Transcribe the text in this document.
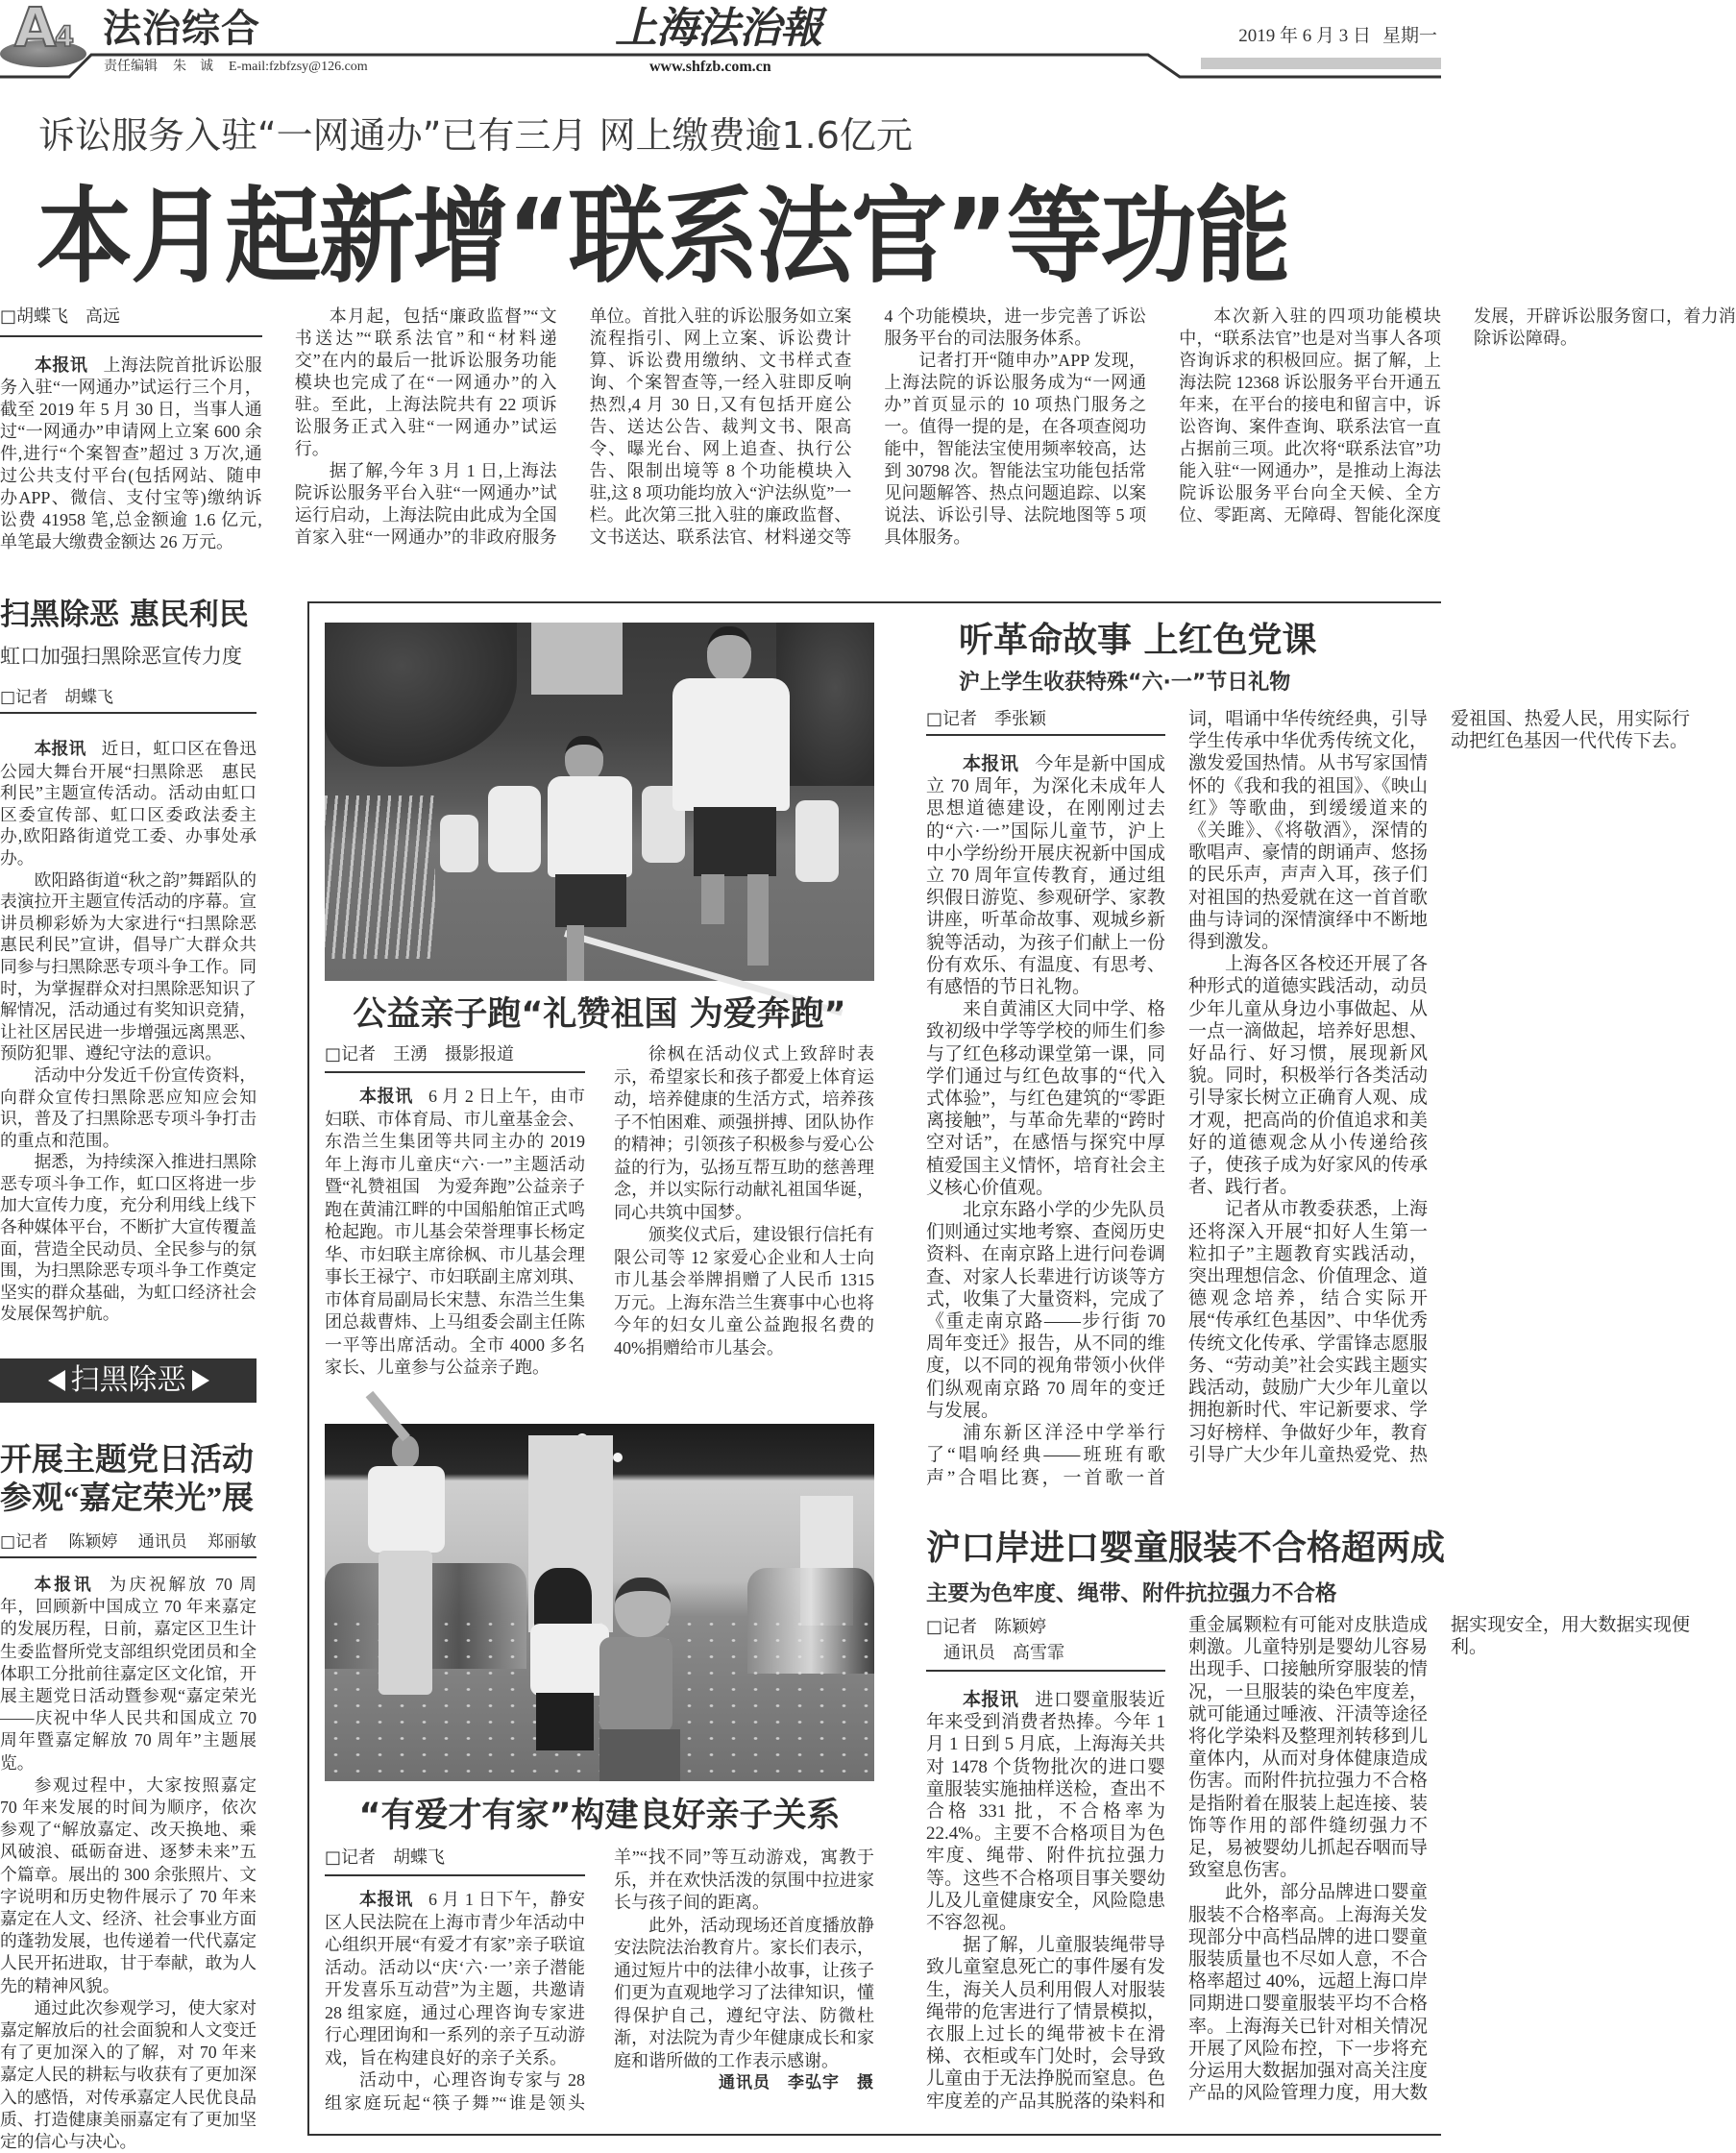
A
4 法治综合
责任编辑 朱　诚 E-mail:fzbfzsy@126.com
上海法治報
www.shfzb.com.cn
2019 年 6 月 3 日 星期一
诉讼服务入驻“一网通办”已有三月 网上缴费逾1.6亿元
本月起新增“联系法官”等功能
□胡蝶飞　高远

本报讯 上海法院首批诉讼服务入驻“一网通办”试运行三个月，截至 2019 年 5 月 30 日，当事人通过“一网通办”申请网上立案 600 余件,进行“个案智查”超过 3 万次,通过公共支付平台(包括网站、随申办APP、微信、支付宝等)缴纳诉讼费 41958 笔,总金额逾 1.6 亿元,单笔最大缴费金额达 26 万元。

本月起，包括“廉政监督”“文书送达”“联系法官”和“材料递交”在内的最后一批诉讼服务功能模块也完成了在“一网通办”的入驻。至此，上海法院共有 22 项诉讼服务正式入驻“一网通办”试运行。

据了解,今年 3 月 1 日,上海法院诉讼服务平台入驻“一网通办”试运行启动，上海法院由此成为全国首家入驻“一网通办”的非政府服务单位。首批入驻的诉讼服务如立案流程指引、网上立案、诉讼费计算、诉讼费用缴纳、文书样式查询、个案智查等,一经入驻即反响热烈,4 月 30 日,又有包括开庭公告、送达公告、裁判文书、限高令、曝光台、网上追查、执行公告、限制出境等 8 个功能模块入驻,这 8 项功能均放入“沪法纵览”一栏。此次第三批入驻的廉政监督、文书送达、联系法官、材料递交等 4 个功能模块，进一步完善了诉讼服务平台的司法服务体系。

记者打开“随申办”APP 发现，上海法院的诉讼服务成为“一网通办”首页显示的 10 项热门服务之一。值得一提的是，在各项查阅功能中，智能法宝使用频率较高，达到 30798 次。智能法宝功能包括常见问题解答、热点问题追踪、以案说法、诉讼引导、法院地图等 5 项具体服务。

本次新入驻的四项功能模块中，“联系法官”也是对当事人各项咨询诉求的积极回应。据了解，上海法院 12368 诉讼服务平台开通五年来，在平台的接电和留言中，诉讼咨询、案件查询、联系法官一直占据前三项。此次将“联系法官”功能入驻“一网通办”，是推动上海法院诉讼服务平台向全天候、全方位、零距离、无障碍、智能化深度发展，开辟诉讼服务窗口，着力消除诉讼障碍。

扫黑除恶 惠民利民
虹口加强扫黑除恶宣传力度
□记者　胡蝶飞

本报讯 近日，虹口区在鲁迅公园大舞台开展“扫黑除恶　惠民利民”主题宣传活动。活动由虹口区委宣传部、虹口区委政法委主办,欧阳路街道党工委、办事处承办。

欧阳路街道“秋之韵”舞蹈队的表演拉开主题宣传活动的序幕。宣讲员柳彩娇为大家进行“扫黑除恶　惠民利民”宣讲，倡导广大群众共同参与扫黑除恶专项斗争工作。同时，为掌握群众对扫黑除恶知识了解情况，活动通过有奖知识竞猜，让社区居民进一步增强远离黑恶、预防犯罪、遵纪守法的意识。

活动中分发近千份宣传资料，向群众宣传扫黑除恶应知应会知识，普及了扫黑除恶专项斗争打击的重点和范围。

据悉，为持续深入推进扫黑除恶专项斗争工作，虹口区将进一步加大宣传力度，充分利用线上线下各种媒体平台，不断扩大宣传覆盖面，营造全民动员、全民参与的氛围，为扫黑除恶专项斗争工作奠定坚实的群众基础，为虹口经济社会发展保驾护航。

扫黑除恶
开展主题党日活动
参观“嘉定荣光”展
□记者 陈颖婷 通讯员 郑丽敏

本报讯 为庆祝解放 70 周年，回顾新中国成立 70 年来嘉定的发展历程，日前，嘉定区卫生计生委监督所党支部组织党团员和全体职工分批前往嘉定区文化馆，开展主题党日活动暨参观“嘉定荣光——庆祝中华人民共和国成立 70 周年暨嘉定解放 70 周年”主题展览。

参观过程中，大家按照嘉定 70 年来发展的时间为顺序，依次参观了“解放嘉定、改天换地、乘风破浪、砥砺奋进、逐梦未来”五个篇章。展出的 300 余张照片、文字说明和历史物件展示了 70 年来嘉定在人文、经济、社会事业方面的蓬勃发展，也传递着一代代嘉定人民开拓进取，甘于奉献，敢为人先的精神风貌。

通过此次参观学习，使大家对嘉定解放后的社会面貌和人文变迁有了更加深入的了解，对 70 年来嘉定人民的耕耘与收获有了更加深入的感悟，对传承嘉定人民优良品质、打造健康美丽嘉定有了更加坚定的信心与决心。

公益亲子跑“礼赞祖国 为爱奔跑”
□记者　王湧　摄影报道

本报讯 6 月 2 日上午，由市妇联、市体育局、市儿童基金会、东浩兰生集团等共同主办的 2019 年上海市儿童庆“六·一”主题活动暨“礼赞祖国　为爱奔跑”公益亲子跑在黄浦江畔的中国船舶馆正式鸣枪起跑。市儿基会荣誉理事长杨定华、市妇联主席徐枫、市儿基会理事长王禄宁、市妇联副主席刘琪、市体育局副局长宋慧、东浩兰生集团总裁曹炜、上马组委会副主任陈一平等出席活动。全市 4000 多名家长、儿童参与公益亲子跑。

徐枫在活动仪式上致辞时表示，希望家长和孩子都爱上体育运动，培养健康的生活方式，培养孩子不怕困难、顽强拼搏、团队协作的精神；引领孩子积极参与爱心公益的行为，弘扬互帮互助的慈善理念，并以实际行动献礼祖国华诞，同心共筑中国梦。

颁奖仪式后，建设银行信托有限公司等 12 家爱心企业和人士向市儿基会举牌捐赠了人民币 1315 万元。上海东浩兰生赛事中心也将今年的妇女儿童公益跑报名费的 40%捐赠给市儿基会。

“有爱才有家”构建良好亲子关系
□记者　胡蝶飞

本报讯 6 月 1 日下午，静安区人民法院在上海市青少年活动中心组织开展“有爱才有家”亲子联谊活动。活动以“庆‘六·一’亲子潜能开发喜乐互动营”为主题，共邀请 28 组家庭，通过心理咨询专家进行心理团询和一系列的亲子互动游戏，旨在构建良好的亲子关系。

活动中，心理咨询专家与 28 组家庭玩起“筷子舞”“谁是领头羊”“找不同”等互动游戏，寓教于乐，并在欢快活泼的氛围中拉进家长与孩子间的距离。

此外，活动现场还首度播放静安法院法治教育片。家长们表示，通过短片中的法律小故事，让孩子们更为直观地学习了法律知识，懂得保护自己，遵纪守法、防微杜渐，对法院为青少年健康成长和家庭和谐所做的工作表示感谢。

通讯员　李弘宇　摄
听革命故事 上红色党课
沪上学生收获特殊“六·一”节日礼物
□记者　季张颖

本报讯 今年是新中国成立 70 周年，为深化未成年人思想道德建设，在刚刚过去的“六·一”国际儿童节，沪上中小学纷纷开展庆祝新中国成立 70 周年宣传教育，通过组织假日游览、参观研学、家教讲座，听革命故事、观城乡新貌等活动，为孩子们献上一份份有欢乐、有温度、有思考、有感悟的节日礼物。

来自黄浦区大同中学、格致初级中学等学校的师生们参与了红色移动课堂第一课，同学们通过与红色故事的“代入式体验”，与红色建筑的“零距离接触”，与革命先辈的“跨时空对话”，在感悟与探究中厚植爱国主义情怀，培育社会主义核心价值观。

北京东路小学的少先队员们则通过实地考察、查阅历史资料、在南京路上进行问卷调查、对家人长辈进行访谈等方式，收集了大量资料，完成了《重走南京路——步行街 70 周年变迁》报告，从不同的维度，以不同的视角带领小伙伴们纵观南京路 70 周年的变迁与发展。

浦东新区洋泾中学举行了“唱响经典——班班有歌声”合唱比赛，一首歌一首词，唱诵中华传统经典，引导学生传承中华优秀传统文化，激发爱国热情。从书写家国情怀的《我和我的祖国》、《映山红》等歌曲，到缓缓道来的《关雎》、《将敬酒》，深情的歌唱声、豪情的朗诵声、悠扬的民乐声，声声入耳，孩子们对祖国的热爱就在这一首首歌曲与诗词的深情演绎中不断地得到激发。

上海各区各校还开展了各种形式的道德实践活动，动员少年儿童从身边小事做起、从一点一滴做起，培养好思想、好品行、好习惯，展现新风貌。同时，积极举行各类活动引导家长树立正确育人观、成才观，把高尚的价值追求和美好的道德观念从小传递给孩子，使孩子成为好家风的传承者、践行者。

记者从市教委获悉，上海还将深入开展“扣好人生第一粒扣子”主题教育实践活动，突出理想信念、价值理念、道德观念培养，结合实际开展“传承红色基因”、中华优秀传统文化传承、学雷锋志愿服务、“劳动美”社会实践主题实践活动，鼓励广大少年儿童以拥抱新时代、牢记新要求、学习好榜样、争做好少年，教育引导广大少年儿童热爱党、热爱祖国、热爱人民，用实际行动把红色基因一代代传下去。

沪口岸进口婴童服装不合格超两成
主要为色牢度、绳带、附件抗拉强力不合格
□记者　陈颖婷
通讯员　高雪霏

本报讯 进口婴童服装近年来受到消费者热捧。今年 1 月 1 日到 5 月底，上海海关共对 1478 个货物批次的进口婴童服装实施抽样送检，查出不合格 331 批，不合格率为 22.4%。主要不合格项目为色牢度、绳带、附件抗拉强力等。这些不合格项目事关婴幼儿及儿童健康安全，风险隐患不容忽视。

据了解，儿童服装绳带导致儿童窒息死亡的事件屡有发生，海关人员利用假人对服装绳带的危害进行了情景模拟，衣服上过长的绳带被卡在滑梯、衣柜或车门处时，会导致儿童由于无法挣脱而窒息。色牢度差的产品其脱落的染料和重金属颗粒有可能对皮肤造成刺激。儿童特别是婴幼儿容易出现手、口接触所穿服装的情况，一旦服装的染色牢度差，就可能通过唾液、汗渍等途径将化学染料及整理剂转移到儿童体内，从而对身体健康造成伤害。而附件抗拉强力不合格是指附着在服装上起连接、装饰等作用的部件缝纫强力不足，易被婴幼儿抓起吞咽而导致窒息伤害。

此外，部分品牌进口婴童服装不合格率高。上海海关发现部分中高档品牌的进口婴童服装质量也不尽如人意，不合格率超过 40%，远超上海口岸同期进口婴童服装平均不合格率。上海海关已针对相关情况开展了风险布控，下一步将充分运用大数据加强对高关注度产品的风险管理力度，用大数据实现安全，用大数据实现便利。
